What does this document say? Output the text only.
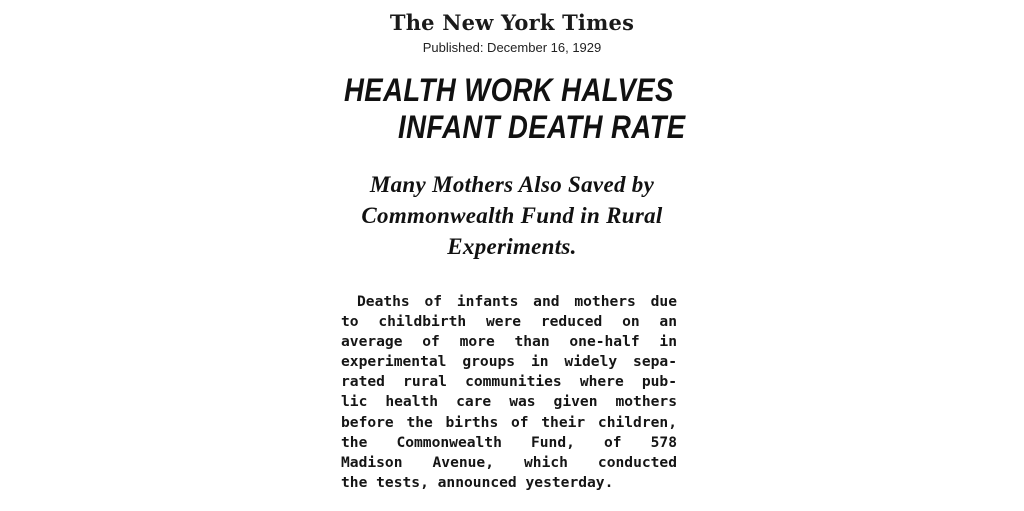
The New York Times
Published: December 16, 1929
HEALTH WORK HALVES
INFANT DEATH RATE
Many Mothers Also Saved by
Commonwealth Fund in Rural
Experiments.
Deaths of infants and mothers due
to childbirth were reduced on an
average of more than one-half in
experimental groups in widely sepa-
rated rural communities where pub-
lic health care was given mothers
before the births of their children,
the Commonwealth Fund, of 578
Madison Avenue, which conducted
the tests, announced yesterday.
